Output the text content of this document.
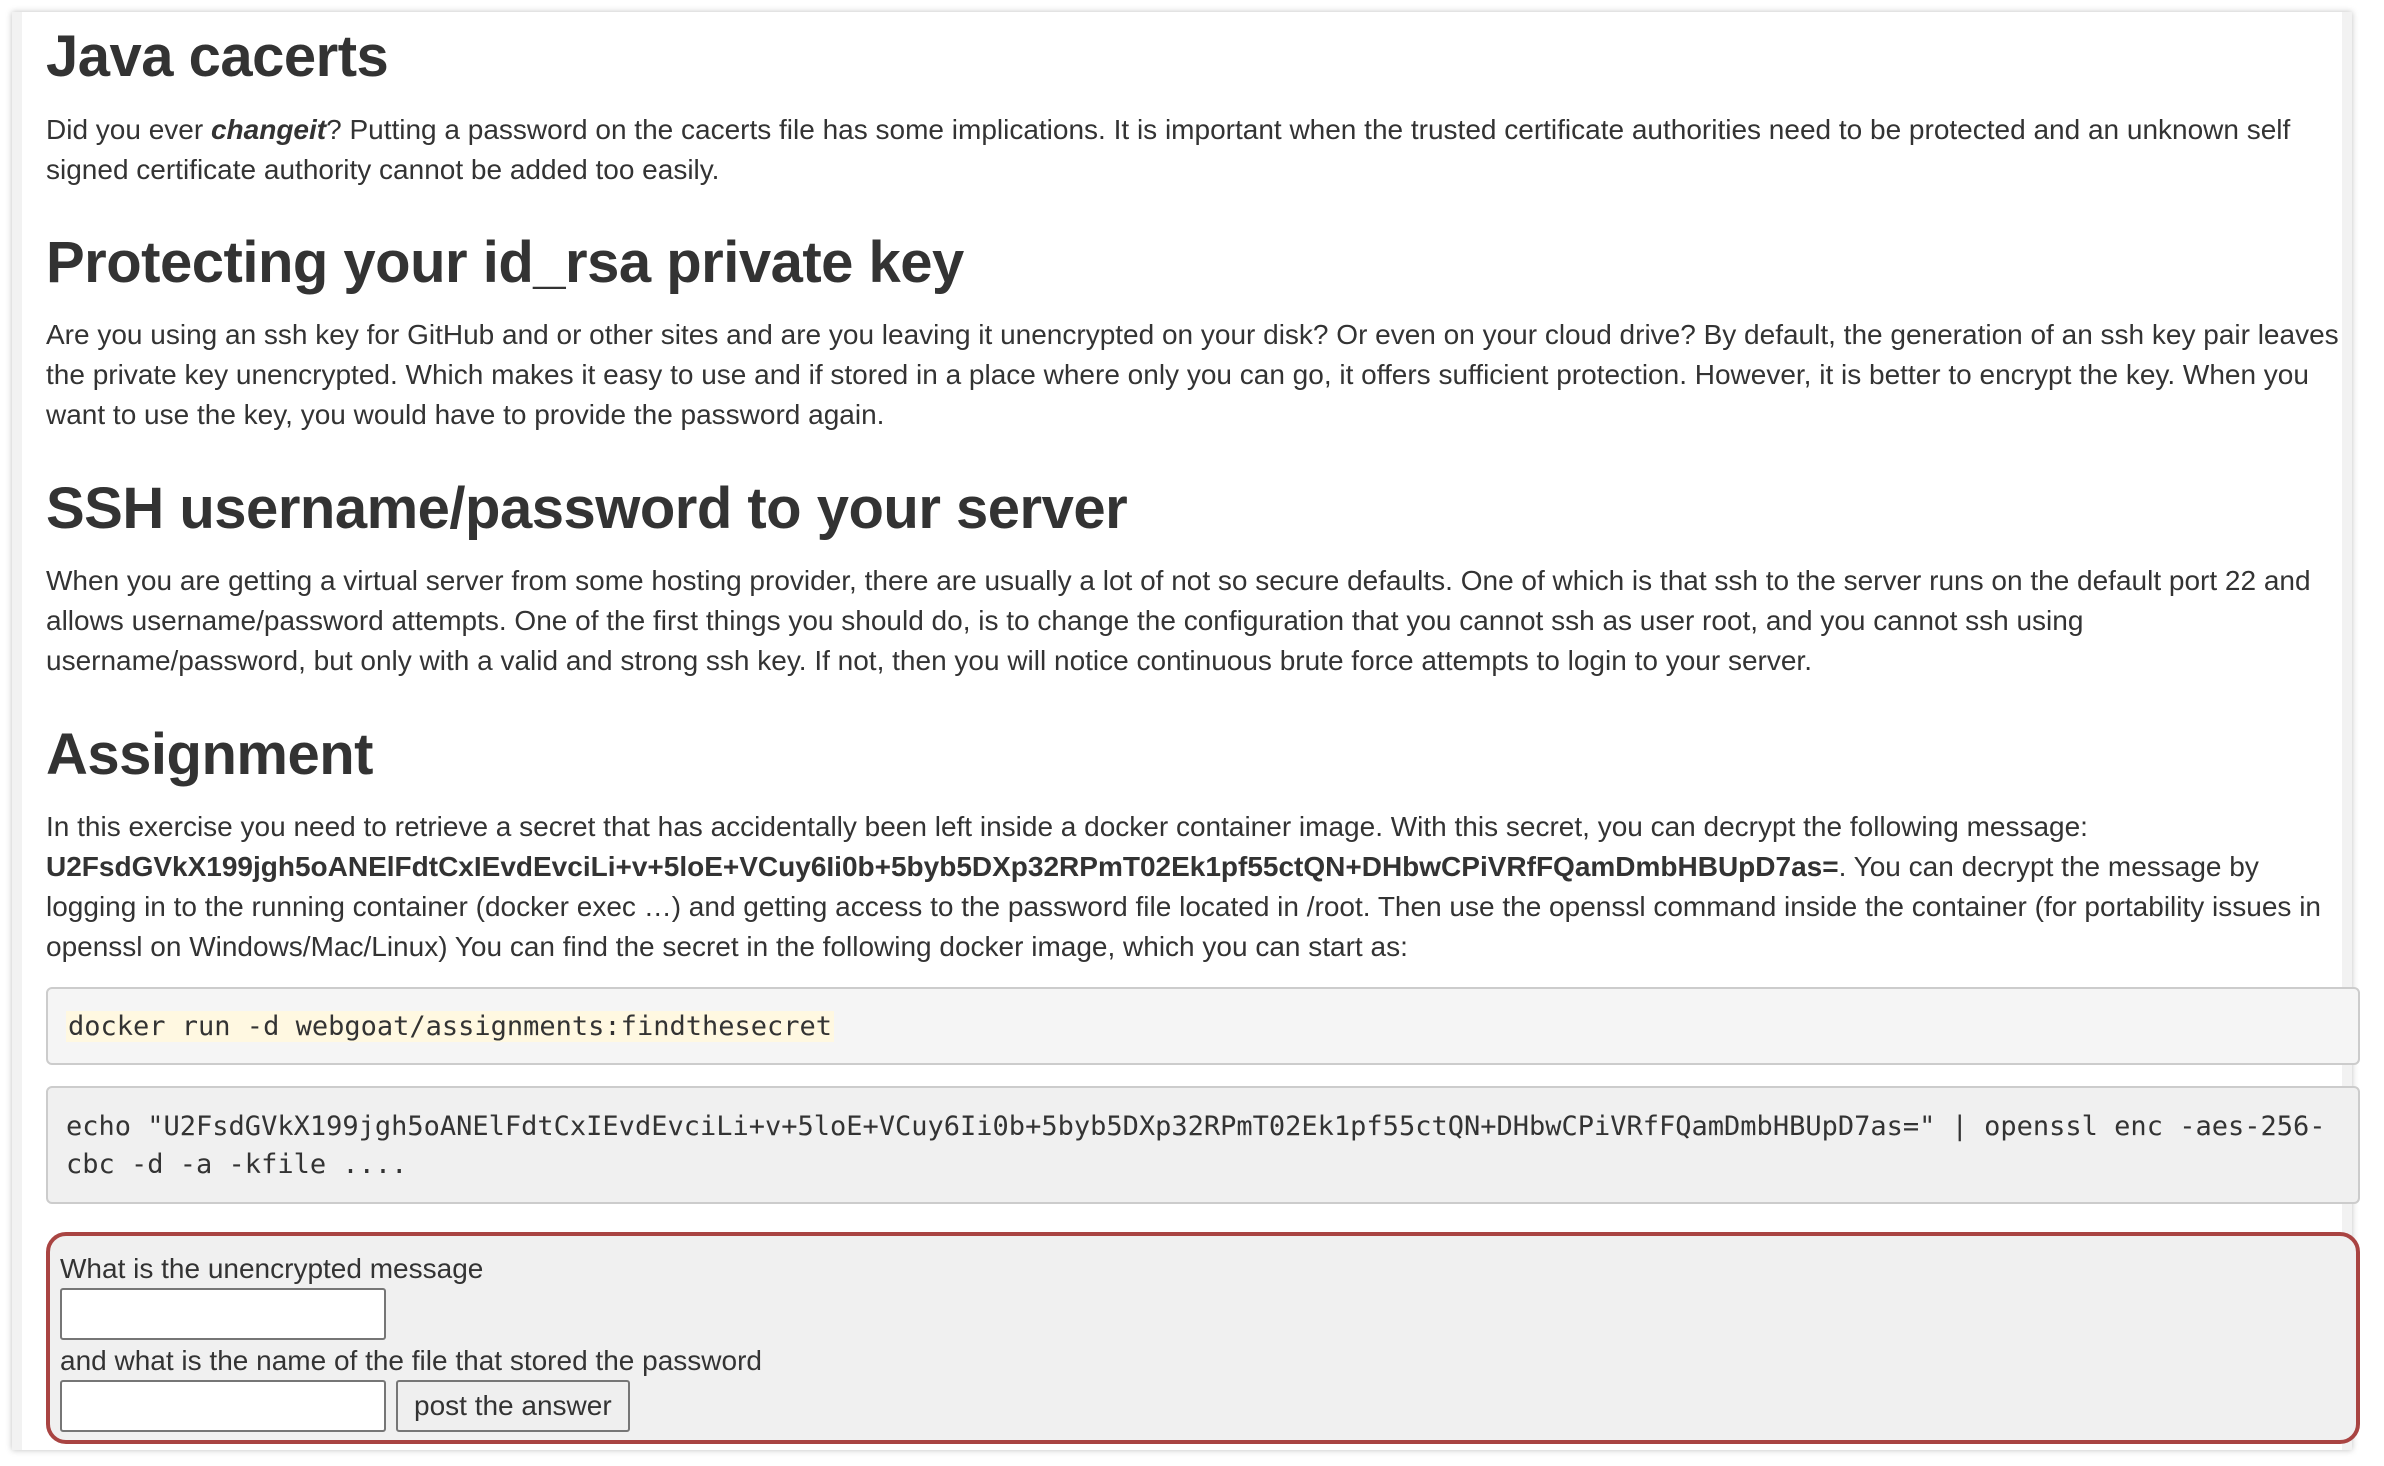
Java cacerts

Did you ever changeit? Putting a password on the cacerts file has some implications. It is important when the trusted certificate authorities need to be protected and an unknown self signed certificate authority cannot be added too easily.

Protecting your id_rsa private key

Are you using an ssh key for GitHub and or other sites and are you leaving it unencrypted on your disk? Or even on your cloud drive? By default, the generation of an ssh key pair leaves the private key unencrypted. Which makes it easy to use and if stored in a place where only you can go, it offers sufficient protection. However, it is better to encrypt the key. When you want to use the key, you would have to provide the password again.

SSH username/password to your server

When you are getting a virtual server from some hosting provider, there are usually a lot of not so secure defaults. One of which is that ssh to the server runs on the default port 22 and allows username/password attempts. One of the first things you should do, is to change the configuration that you cannot ssh as user root, and you cannot ssh using username/password, but only with a valid and strong ssh key. If not, then you will notice continuous brute force attempts to login to your server.

Assignment

In this exercise you need to retrieve a secret that has accidentally been left inside a docker container image. With this secret, you can decrypt the following message: U2FsdGVkX199jgh5oANElFdtCxIEvdEvciLi+v+5loE+VCuy6Ii0b+5byb5DXp32RPmT02Ek1pf55ctQN+DHbwCPiVRfFQamDmbHBUpD7as=. You can decrypt the message by logging in to the running container (docker exec …) and getting access to the password file located in /root. Then use the openssl command inside the container (for portability issues in openssl on Windows/Mac/Linux) You can find the secret in the following docker image, which you can start as:

docker run -d webgoat/assignments:findthesecret
echo "U2FsdGVkX199jgh5oANElFdtCxIEvdEvciLi+v+5loE+VCuy6Ii0b+5byb5DXp32RPmT02Ek1pf55ctQN+DHbwCPiVRfFQamDmbHBUpD7as=" | openssl enc -aes-256-cbc -d -a -kfile ....
What is the unencrypted message
and what is the name of the file that stored the password
post the answer
